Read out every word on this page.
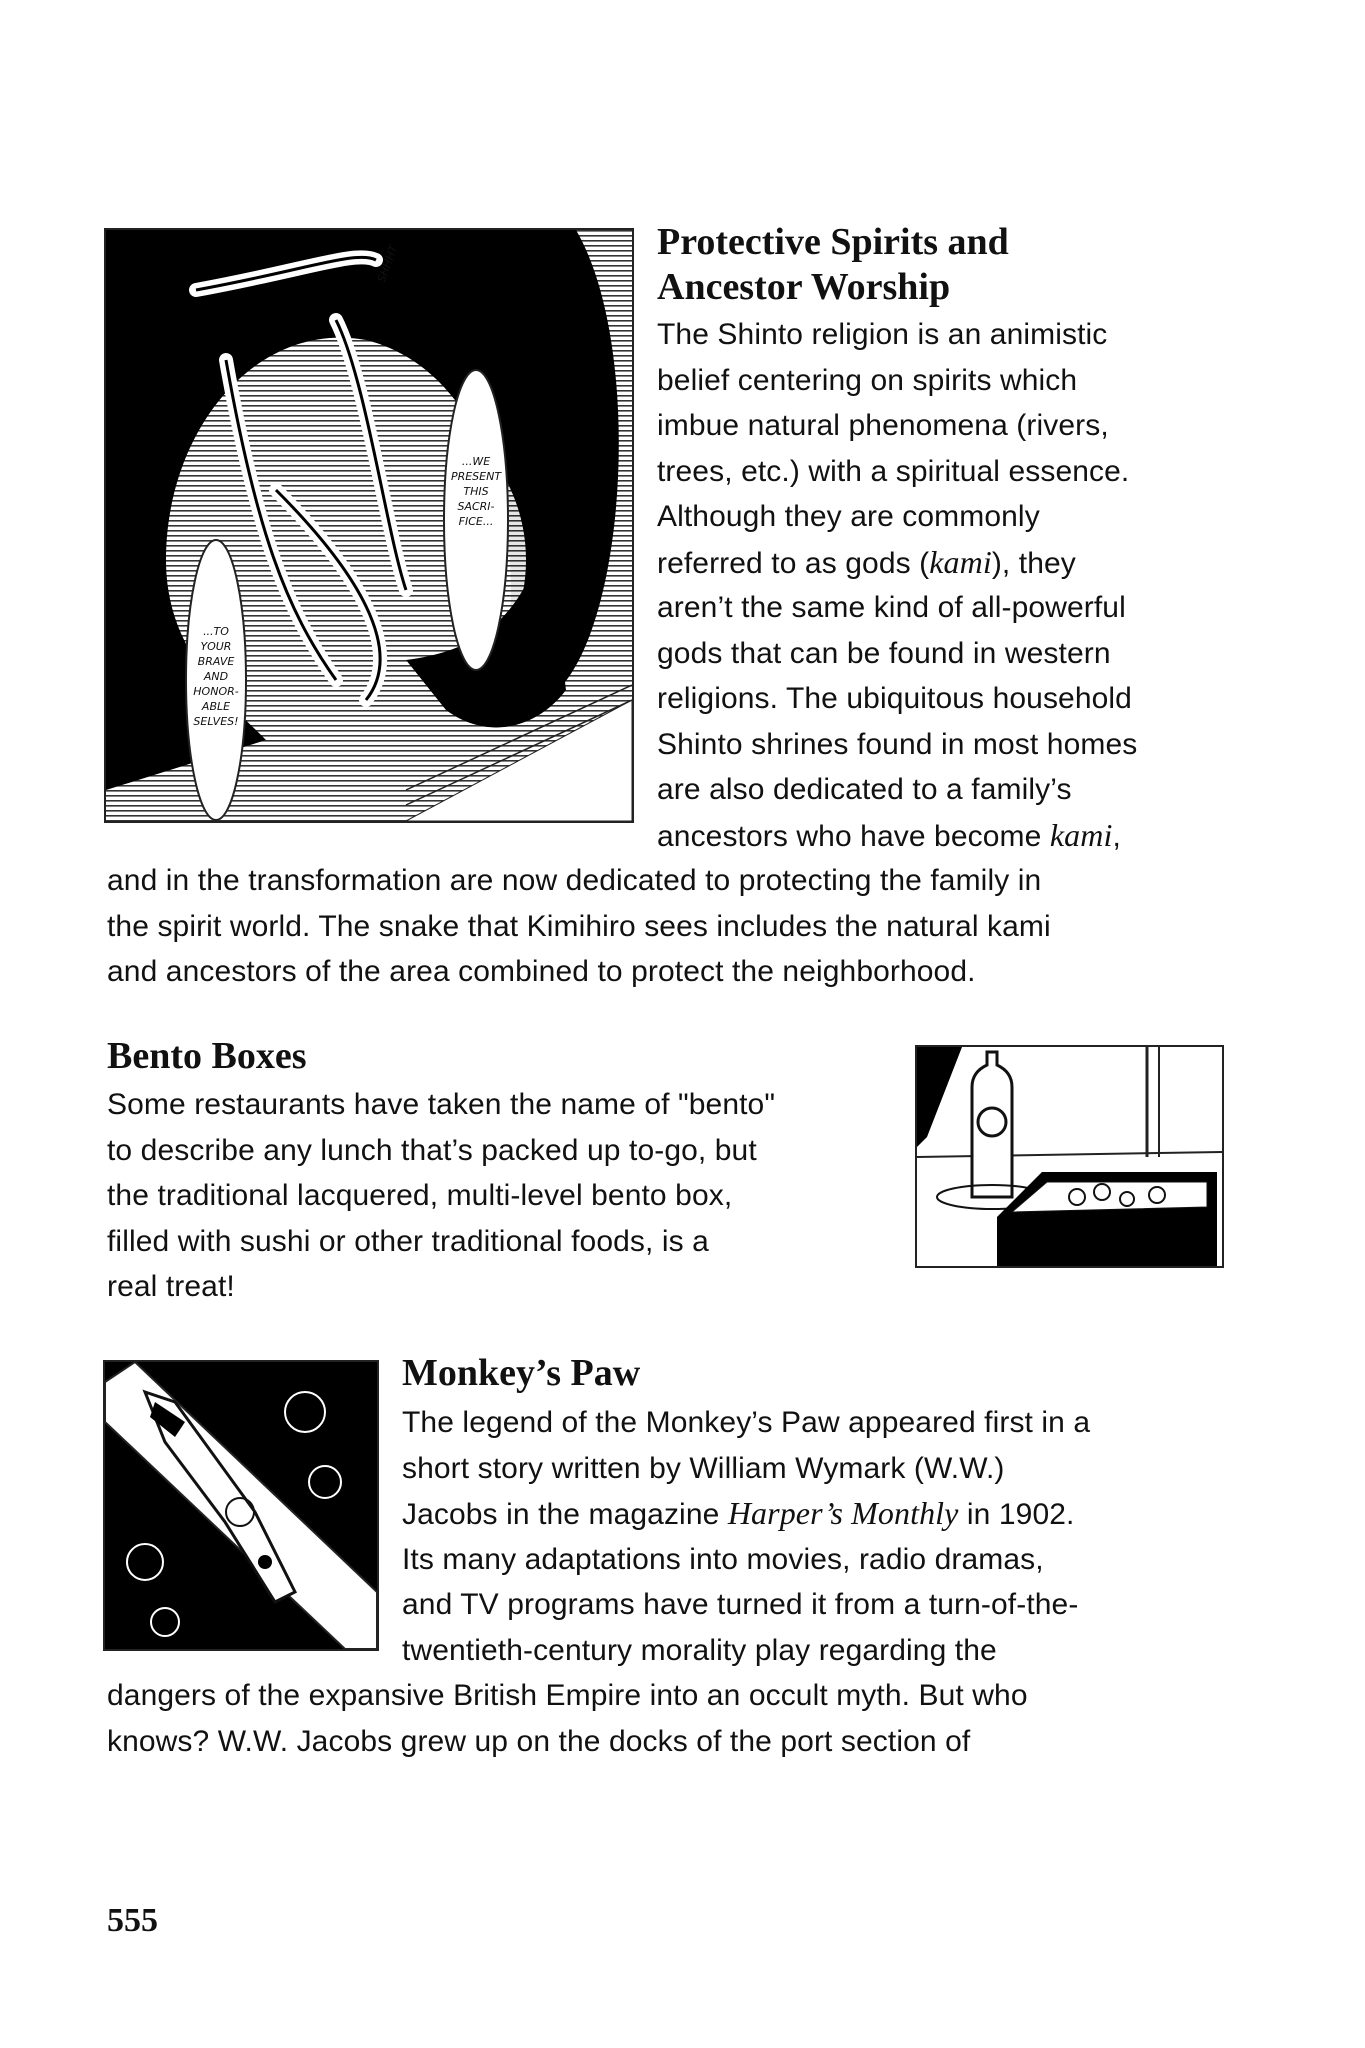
Protective Spirits and
Ancestor Worship
The Shinto religion is an animistic
belief centering on spirits which
imbue natural phenomena (rivers,
trees, etc.) with a spiritual essence.
Although they are commonly
referred to as gods (kami), they
aren’t the same kind of all-powerful
gods that can be found in western
religions. The ubiquitous household
Shinto shrines found in most homes
are also dedicated to a family’s
ancestors who have become kami,
and in the transformation are now dedicated to protecting the family in
the spirit world. The snake that Kimihiro sees includes the natural kami
and ancestors of the area combined to protect the neighborhood.
SHHHT
...WE
PRESENT
THIS
SACRI-
FICE...
...TO
YOUR
BRAVE
AND
HONOR-
ABLE
SELVES!
Bento Boxes
Some restaurants have taken the name of "bento"
to describe any lunch that’s packed up to-go, but
the traditional lacquered, multi-level bento box,
filled with sushi or other traditional foods, is a
real treat!
Monkey’s Paw
The legend of the Monkey’s Paw appeared first in a
short story written by William Wymark (W.W.)
Jacobs in the magazine Harper’s Monthly in 1902.
Its many adaptations into movies, radio dramas,
and TV programs have turned it from a turn-of-the-
twentieth-century morality play regarding the
dangers of the expansive British Empire into an occult myth. But who
knows? W.W. Jacobs grew up on the docks of the port section of
555
